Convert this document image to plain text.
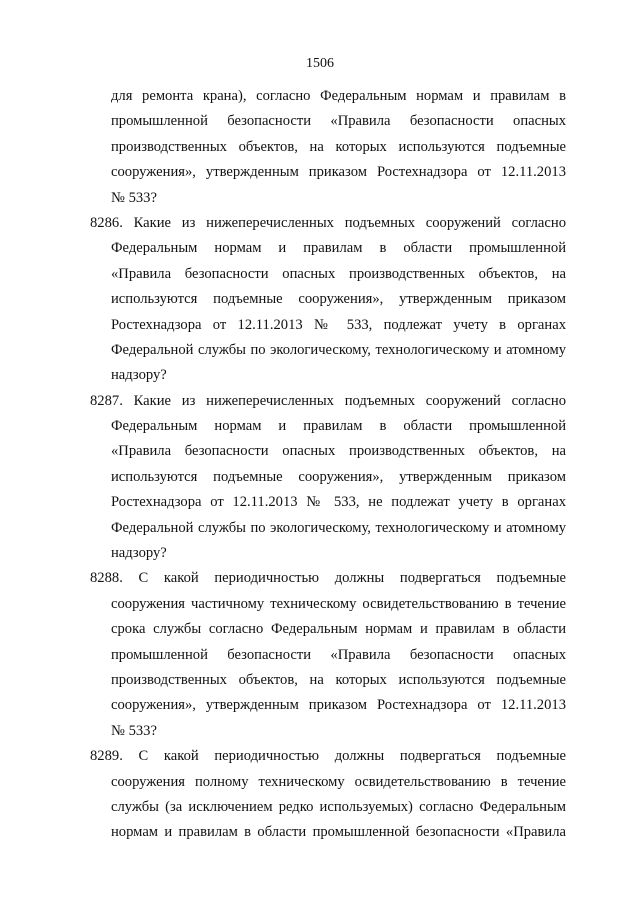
1506
для ремонта крана), согласно Федеральным нормам и правилам в
промышленной безопасности «Правила безопасности опасных
производственных объектов, на которых используются подъемные
сооружения», утвержденным приказом Ростехнадзора от 12.11.2013
№ 533?
8286. Какие из нижеперечисленных подъемных сооружений согласно
Федеральным нормам и правилам в области промышленной
«Правила безопасности опасных производственных объектов, на
используются подъемные сооружения», утвержденным приказом
Ростехнадзора от 12.11.2013 № 533, подлежат учету в органах
Федеральной службы по экологическому, технологическому и атомному
надзору?
8287. Какие из нижеперечисленных подъемных сооружений согласно
Федеральным нормам и правилам в области промышленной
«Правила безопасности опасных производственных объектов, на
используются подъемные сооружения», утвержденным приказом
Ростехнадзора от 12.11.2013 № 533, не подлежат учету в органах
Федеральной службы по экологическому, технологическому и атомному
надзору?
8288. С какой периодичностью должны подвергаться подъемные
сооружения частичному техническому освидетельствованию в течение
срока службы согласно Федеральным нормам и правилам в области
промышленной безопасности «Правила безопасности опасных
производственных объектов, на которых используются подъемные
сооружения», утвержденным приказом Ростехнадзора от 12.11.2013
№ 533?
8289. С какой периодичностью должны подвергаться подъемные
сооружения полному техническому освидетельствованию в течение
службы (за исключением редко используемых) согласно Федеральным
нормам и правилам в области промышленной безопасности «Правила
